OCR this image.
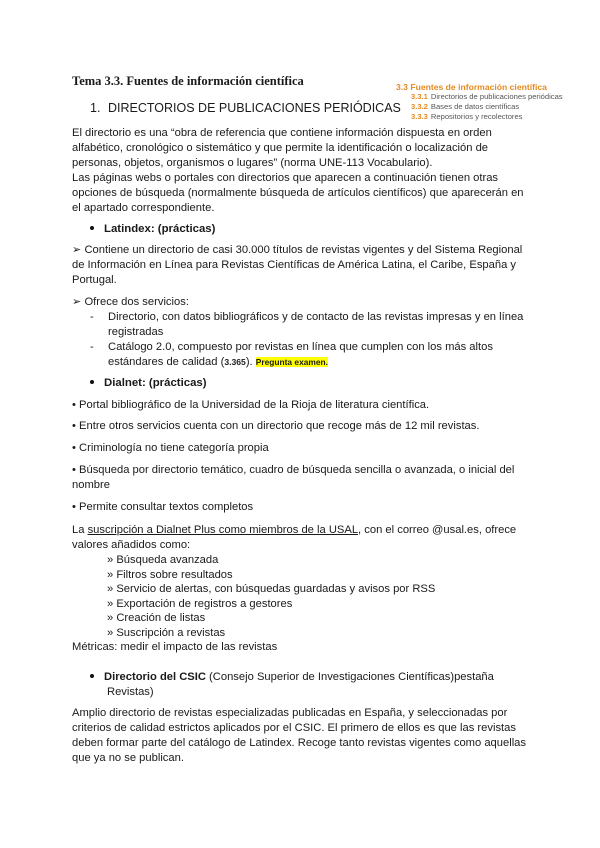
Tema 3.3. Fuentes de información científica	3.3 Fuentes de información científica
3.3.1 Directorios de publicaciones periódicas
3.3.2 Bases de datos científicas
3.3.3 Repositorios y recolectores
1. DIRECTORIOS DE PUBLICACIONES PERIÓDICAS
El directorio es una “obra de referencia que contiene información dispuesta en orden
alfabético, cronológico o sistemático y que permite la identificación o localización de
personas, objetos, organismos o lugares” (norma UNE-113 Vocabulario).
Las páginas webs o portales con directorios que aparecen a continuación tienen otras
opciones de búsqueda (normalmente búsqueda de artículos científicos) que aparecerán en
el apartado correspondiente.
Latindex: (prácticas)
➢ Contiene un directorio de casi 30.000 títulos de revistas vigentes y del Sistema Regional
de Información en Línea para Revistas Científicas de América Latina, el Caribe, España y
Portugal.
➢ Ofrece dos servicios:
- Directorio, con datos bibliográficos y de contacto de las revistas impresas y en línea
registradas
- Catálogo 2.0, compuesto por revistas en línea que cumplen con los más altos
estándares de calidad (3.365). Pregunta examen.
Dialnet: (prácticas)
• Portal bibliográfico de la Universidad de la Rioja de literatura científica.
• Entre otros servicios cuenta con un directorio que recoge más de 12 mil revistas.
• Criminología no tiene categoría propia
• Búsqueda por directorio temático, cuadro de búsqueda sencilla o avanzada, o inicial del
nombre
• Permite consultar textos completos
La suscripción a Dialnet Plus como miembros de la USAL, con el correo @usal.es, ofrece
valores añadidos como:
» Búsqueda avanzada
» Filtros sobre resultados
» Servicio de alertas, con búsquedas guardadas y avisos por RSS
» Exportación de registros a gestores
» Creación de listas
» Suscripción a revistas
Métricas: medir el impacto de las revistas
Directorio del CSIC (Consejo Superior de Investigaciones Científicas)pestaña
Revistas)
Amplio directorio de revistas especializadas publicadas en España, y seleccionadas por
criterios de calidad estrictos aplicados por el CSIC. El primero de ellos es que las revistas
deben formar parte del catálogo de Latindex. Recoge tanto revistas vigentes como aquellas
que ya no se publican.
